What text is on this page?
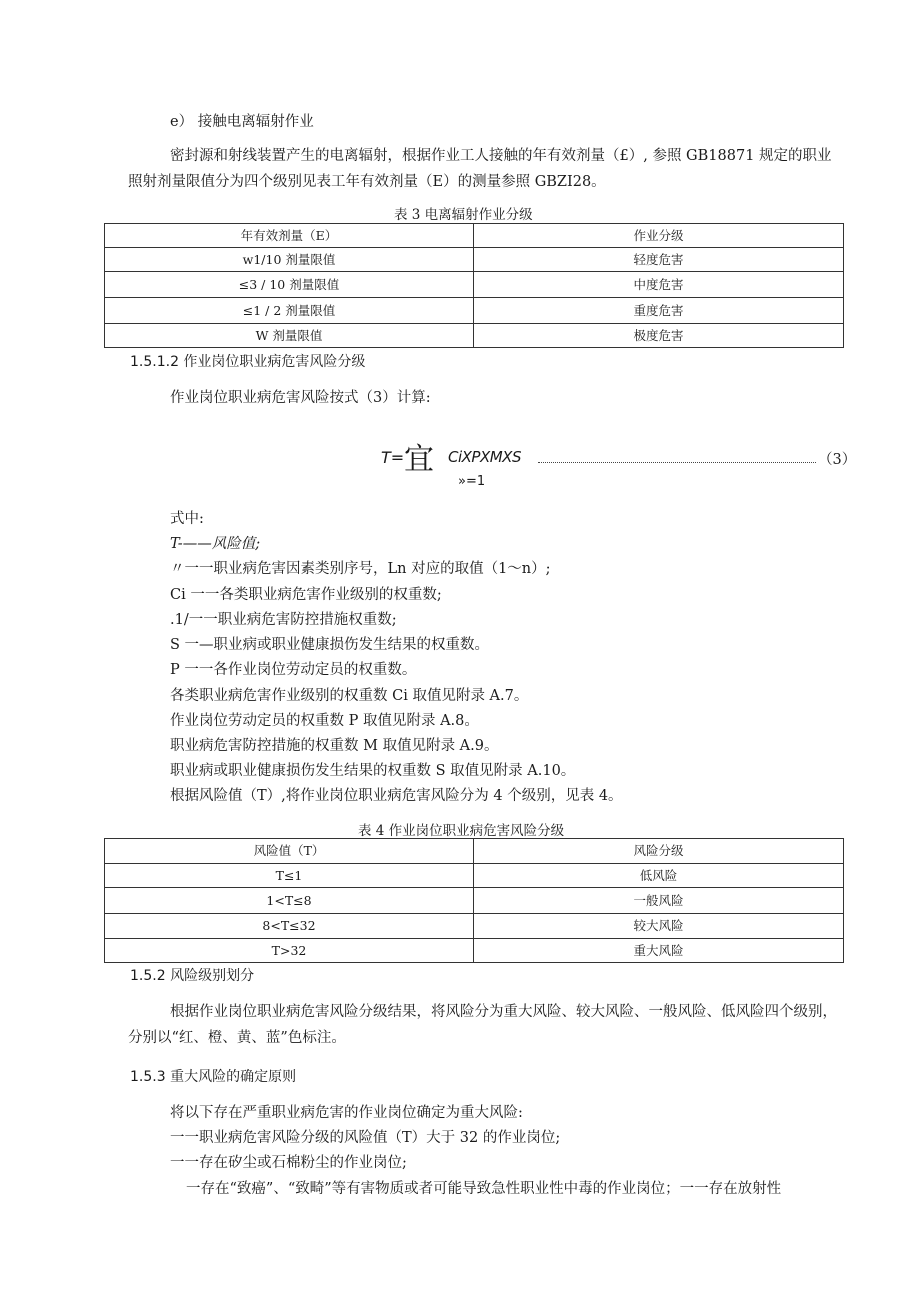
e） 接触电离辐射作业
密封源和射线装置产生的电离辐射，根据作业工人接触的年有效剂量（£）, 参照 GB18871 规定的职业
照射剂量限值分为四个级别见表工年有效剂量（E）的测量参照 GBZI28。
表 3 电离辐射作业分级
年有效剂量（E）	作业分级
w1/10 剂量限值	轻度危害
≤3 / 10 剂量限值	中度危害
≤1 / 2 剂量限值	重度危害
W 剂量限值	极度危害
1.5.1.2 作业岗位职业病危害风险分级
作业岗位职业病危害风险按式（3）计算:
T= 宜 CiXPXMXS	（3）
»=1
式中:
T-——风险值;
〃一一职业病危害因素类别序号，Ln 对应的取值（1～n）;
Ci 一一各类职业病危害作业级别的权重数;
.1/一一职业病危害防控措施权重数;
S 一—职业病或职业健康损伤发生结果的权重数。
P 一一各作业岗位劳动定员的权重数。
各类职业病危害作业级别的权重数 Ci 取值见附录 A.7。
作业岗位劳动定员的权重数 P 取值见附录 A.8。
职业病危害防控措施的权重数 M 取值见附录 A.9。
职业病或职业健康损伤发生结果的权重数 S 取值见附录 A.10。
根据风险值（T）,将作业岗位职业病危害风险分为 4 个级别，见表 4。
表 4 作业岗位职业病危害风险分级
风险值（T）	风险分级
T≤1	低风险
1<T≤8	一般风险
8<T≤32	较大风险
T>32	重大风险
1.5.2 风险级别划分
根据作业岗位职业病危害风险分级结果，将风险分为重大风险、较大风险、一般风险、低风险四个级别，
分别以“红、橙、黄、蓝”色标注。
1.5.3 重大风险的确定原则
将以下存在严重职业病危害的作业岗位确定为重大风险:
一一职业病危害风险分级的风险值（T）大于 32 的作业岗位;
一一存在矽尘或石棉粉尘的作业岗位;
一存在“致癌”、“致畸”等有害物质或者可能导致急性职业性中毒的作业岗位；一一存在放射性
